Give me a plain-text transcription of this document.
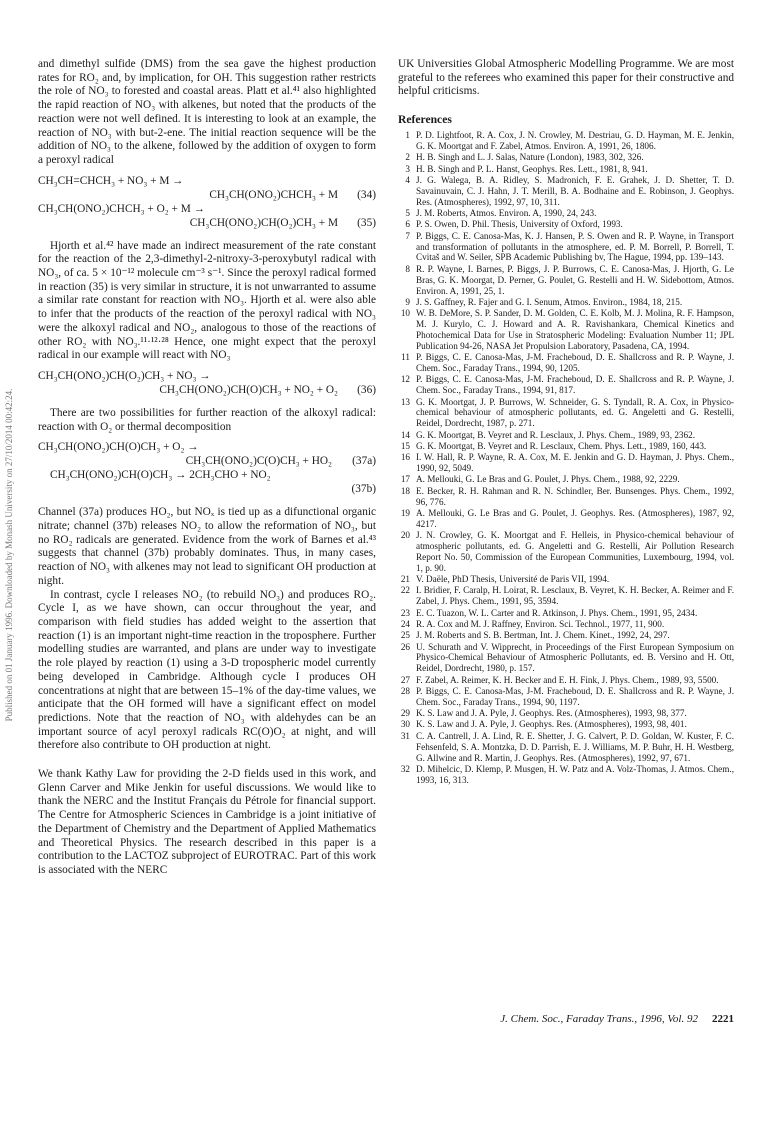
Published on 01 January 1996. Downloaded by Monash University on 27/10/2014 00:42:24.

and dimethyl sulfide (DMS) from the sea gave the highest production rates for RO₂ and, by implication, for OH. This suggestion rather restricts the role of NO₃ to forested and coastal areas. Platt et al.⁴¹ also highlighted the rapid reaction of NO₃ with alkenes, but noted that the products of the reaction were not well defined. It is interesting to look at an example, the reaction of NO₃ with but-2-ene. The initial reaction sequence will be the addition of NO₃ to the alkene, followed by the addition of oxygen to form a peroxyl radical

CH₃CH=CHCH₃ + NO₃ + M →
CH₃CH(ONO₂)CHCH₃ + M (34)
CH₃CH(ONO₂)CHCH₃ + O₂ + M →
CH₃CH(ONO₂)CH(O₂)CH₃ + M (35)

Hjorth et al.⁴² have made an indirect measurement of the rate constant for the reaction of the 2,3-dimethyl-2-nitroxy-3-peroxybutyl radical with NO₃, of ca. 5 × 10⁻¹² molecule cm⁻³ s⁻¹. Since the peroxyl radical formed in reaction (35) is very similar in structure, it is not unwarranted to assume a similar rate constant for reaction with NO₃. Hjorth et al. were also able to infer that the products of the reaction of the peroxyl radical with NO₃ were the alkoxyl radical and NO₂, analogous to those of the reactions of other RO₂ with NO₃.¹¹·¹²·²⁸ Hence, one might expect that the peroxyl radical in our example will react with NO₃

CH₃CH(ONO₂)CH(O₂)CH₃ + NO₃ →
CH₃CH(ONO₂)CH(O)CH₃ + NO₂ + O₂ (36)

There are two possibilities for further reaction of the alkoxyl radical: reaction with O₂ or thermal decomposition

CH₃CH(ONO₂)CH(O)CH₃ + O₂ →
CH₃CH(ONO₂)C(O)CH₃ + HO₂ (37a)
CH₃CH(ONO₂)CH(O)CH₃ → 2CH₃CHO + NO₂
(37b)

Channel (37a) produces HO₂, but NOₓ is tied up as a difunctional organic nitrate; channel (37b) releases NO₂ to allow the reformation of NO₃, but no RO₂ radicals are generated. Evidence from the work of Barnes et al.⁴³ suggests that channel (37b) probably dominates. Thus, in many cases, reaction of NO₃ with alkenes may not lead to significant OH production at night.

In contrast, cycle I releases NO₂ (to rebuild NO₃) and produces RO₂. Cycle I, as we have shown, can occur throughout the year, and comparison with field studies has added weight to the assertion that reaction (1) is an important night-time reaction in the troposphere. Further modelling studies are warranted, and plans are under way to investigate the role played by reaction (1) using a 3-D tropospheric model currently being developed in Cambridge. Although cycle I produces OH concentrations at night that are between 15–1% of the day-time values, we anticipate that the OH formed will have a significant effect on model predictions. Note that the reaction of NO₃ with aldehydes can be an important source of acyl peroxyl radicals RC(O)O₂ at night, and will therefore also contribute to OH production at night.

We thank Kathy Law for providing the 2-D fields used in this work, and Glenn Carver and Mike Jenkin for useful discussions. We would like to thank the NERC and the Institut Français du Pétrole for financial support. The Centre for Atmospheric Sciences in Cambridge is a joint initiative of the Department of Chemistry and the Department of Applied Mathematics and Theoretical Physics. The research described in this paper is a contribution to the LACTOZ subproject of EUROTRAC. Part of this work is associated with the NERC

UK Universities Global Atmospheric Modelling Programme. We are most grateful to the referees who examined this paper for their constructive and helpful criticisms.

References
1 P. D. Lightfoot, R. A. Cox, J. N. Crowley, M. Destriau, G. D. Hayman, M. E. Jenkin, G. K. Moortgat and F. Zabel, Atmos. Environ. A, 1991, 26, 1806.
2 H. B. Singh and L. J. Salas, Nature (London), 1983, 302, 326.
3 H. B. Singh and P. L. Hanst, Geophys. Res. Lett., 1981, 8, 941.
4 J. G. Walega, B. A. Ridley, S. Madronich, F. E. Grahek, J. D. Shetter, T. D. Savainuvain, C. J. Hahn, J. T. Merill, B. A. Bodhaine and E. Robinson, J. Geophys. Res. (Atmospheres), 1992, 97, 10, 311.
5 J. M. Roberts, Atmos. Environ. A, 1990, 24, 243.
6 P. S. Owen, D. Phil. Thesis, University of Oxford, 1993.
7 P. Biggs, C. E. Canosa-Mas, K. J. Hansen, P. S. Owen and R. P. Wayne, in Transport and transformation of pollutants in the atmosphere, ed. P. M. Borrell, P. Borrell, T. Cvitaš and W. Seiler, SPB Academic Publishing bv, The Hague, 1994, pp. 139–143.
8 R. P. Wayne, I. Barnes, P. Biggs, J. P. Burrows, C. E. Canosa-Mas, J. Hjorth, G. Le Bras, G. K. Moorgat, D. Perner, G. Poulet, G. Restelli and H. W. Sidebottom, Atmos. Environ. A, 1991, 25, 1.
9 J. S. Gaffney, R. Fajer and G. I. Senum, Atmos. Environ., 1984, 18, 215.
10 W. B. DeMore, S. P. Sander, D. M. Golden, C. E. Kolb, M. J. Molina, R. F. Hampson, M. J. Kurylo, C. J. Howard and A. R. Ravishankara, Chemical Kinetics and Photochemical Data for Use in Stratospheric Modeling: Evaluation Number 11; JPL Publication 94-26, NASA Jet Propulsion Laboratory, Pasadena, CA, 1994.
11 P. Biggs, C. E. Canosa-Mas, J-M. Fracheboud, D. E. Shallcross and R. P. Wayne, J. Chem. Soc., Faraday Trans., 1994, 90, 1205.
12 P. Biggs, C. E. Canosa-Mas, J-M. Fracheboud, D. E. Shallcross and R. P. Wayne, J. Chem. Soc., Faraday Trans., 1994, 91, 817.
13 G. K. Moortgat, J. P. Burrows, W. Schneider, G. S. Tyndall, R. A. Cox, in Physico-chemical behaviour of atmospheric pollutants, ed. G. Angeletti and G. Restelli, Reidel, Dordrecht, 1987, p. 271.
14 G. K. Moortgat, B. Veyret and R. Lesclaux, J. Phys. Chem., 1989, 93, 2362.
15 G. K. Moortgat, B. Veyret and R. Lesclaux, Chem. Phys. Lett., 1989, 160, 443.
16 I. W. Hall, R. P. Wayne, R. A. Cox, M. E. Jenkin and G. D. Hayman, J. Phys. Chem., 1990, 92, 5049.
17 A. Mellouki, G. Le Bras and G. Poulet, J. Phys. Chem., 1988, 92, 2229.
18 E. Becker, R. H. Rahman and R. N. Schindler, Ber. Bunsenges. Phys. Chem., 1992, 96, 776.
19 A. Mellouki, G. Le Bras and G. Poulet, J. Geophys. Res. (Atmospheres), 1987, 92, 4217.
20 J. N. Crowley, G. K. Moortgat and F. Helleis, in Physico-chemical behaviour of atmospheric pollutants, ed. G. Angeletti and G. Restelli, Air Pollution Research Report No. 50, Commission of the European Communities, Luxembourg, 1994, vol. 1, p. 90.
21 V. Daële, PhD Thesis, Université de Paris VII, 1994.
22 I. Bridier, F. Caralp, H. Loirat, R. Lesclaux, B. Veyret, K. H. Becker, A. Reimer and F. Zabel, J. Phys. Chem., 1991, 95, 3594.
23 E. C. Tuazon, W. L. Carter and R. Atkinson, J. Phys. Chem., 1991, 95, 2434.
24 R. A. Cox and M. J. Raffney, Environ. Sci. Technol., 1977, 11, 900.
25 J. M. Roberts and S. B. Bertman, Int. J. Chem. Kinet., 1992, 24, 297.
26 U. Schurath and V. Wipprecht, in Proceedings of the First European Symposium on Physico-Chemical Behaviour of Atmospheric Pollutants, ed. B. Versino and H. Ott, Reidel, Dordrecht, 1980, p. 157.
27 F. Zabel, A. Reimer, K. H. Becker and E. H. Fink, J. Phys. Chem., 1989, 93, 5500.
28 P. Biggs, C. E. Canosa-Mas, J-M. Fracheboud, D. E. Shallcross and R. P. Wayne, J. Chem. Soc., Faraday Trans., 1994, 90, 1197.
29 K. S. Law and J. A. Pyle, J. Geophys. Res. (Atmospheres), 1993, 98, 377.
30 K. S. Law and J. A. Pyle, J. Geophys. Res. (Atmospheres), 1993, 98, 401.
31 C. A. Cantrell, J. A. Lind, R. E. Shetter, J. G. Calvert, P. D. Goldan, W. Kuster, F. C. Fehsenfeld, S. A. Montzka, D. D. Parrish, E. J. Williams, M. P. Buhr, H. H. Westberg, G. Allwine and R. Martin, J. Geophys. Res. (Atmospheres), 1992, 97, 671.
32 D. Mihelcic, D. Klemp, P. Musgen, H. W. Patz and A. Volz-Thomas, J. Atmos. Chem., 1993, 16, 313.
J. Chem. Soc., Faraday Trans., 1996, Vol. 92 2221
